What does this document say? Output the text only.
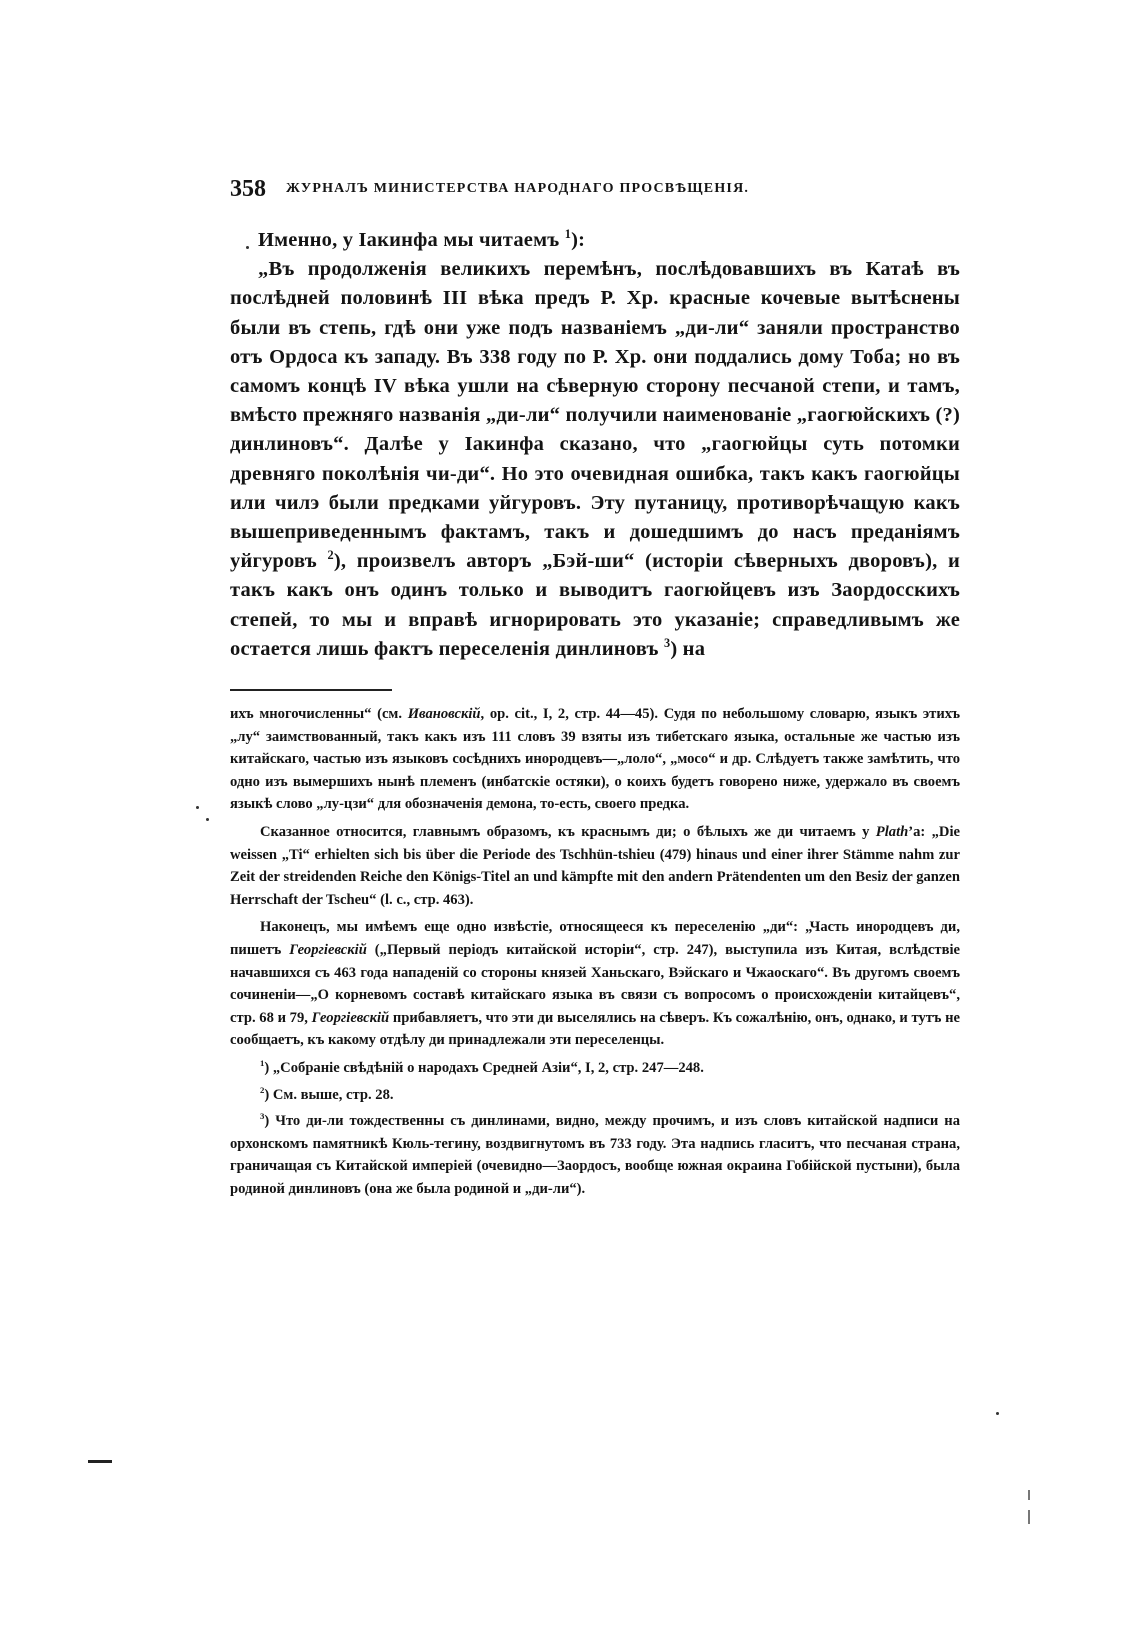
358 ЖУРНАЛЪ МИНИСТЕРСТВА НАРОДНАГО ПРОСВѢЩЕНІЯ.

Именно, у Іакинфа мы читаемъ $^1$):

„Въ продолженія великихъ перемѣнъ, послѣдовавшихъ въ Катаѣ въ послѣдней половинѣ III вѣка предъ Р. Хр. красные кочевые вытѣснены были въ степь, гдѣ они уже подъ названіемъ „ди-ли“ заняли пространство отъ Ордоса къ западу. Въ 338 году по Р. Хр. они поддались дому Тоба; но въ самомъ концѣ IV вѣка ушли на сѣверную сторону песчаной степи, и тамъ, вмѣсто прежняго названія „ди-ли“ получили наименованіе „гаогюйскихъ (?) динлиновъ“. Далѣе у Іакинфа сказано, что „гаогюйцы суть потомки древняго поколѣнія чи-ди“. Но это очевидная ошибка, такъ какъ гаогюйцы или чилэ были предками уйгуровъ. Эту путаницу, противорѣчащую какъ вышеприведеннымъ фактамъ, такъ и дошедшимъ до насъ преданіямъ уйгуровъ $^2$), произвелъ авторъ „Бэй-ши“ (исторіи сѣверныхъ дворовъ), и такъ какъ онъ одинъ только и выводитъ гаогюйцевъ изъ Заордосскихъ степей, то мы и вправѣ игнорировать это указаніе; справедливымъ же остается лишь фактъ переселенія динлиновъ $^3$) на

ихъ многочисленны“ (см. Ивановскій, op. cit., I, 2, стр. 44—45). Судя по небольшому словарю, языкъ этихъ „лу“ заимствованный, такъ какъ изъ 111 словъ 39 взяты изъ тибетскаго языка, остальные же частью изъ китайскаго, частью изъ языковъ сосѣднихъ инородцевъ—„лоло“, „мосо“ и др. Слѣдуетъ также замѣтить, что одно изъ вымершихъ нынѣ племенъ (инбатскіе остяки), о коихъ будетъ говорено ниже, удержало въ своемъ языкѣ слово „лу-цзи“ для обозначенія демона, то-есть, своего предка.

Сказанное относится, главнымъ образомъ, къ краснымъ ди; о бѣлыхъ же ди читаемъ у Plath’а: „Die weissen „Ti“ erhielten sich bis über die Periode des Tschhün-tshieu (479) hinaus und einer ihrer Stämme nahm zur Zeit der streidenden Reiche den Königs-Titel an und kämpfte mit den andern Prätendenten um den Besiz der ganzen Herrschaft der Tscheu“ (l. c., стр. 463).

Наконецъ, мы имѣемъ еще одно извѣстіе, относящееся къ переселенію „ди“: „Часть инородцевъ ди, пишетъ Георгіевскій („Первый періодъ китайской исторіи“, стр. 247), выступила изъ Китая, вслѣдствіе начавшихся съ 463 года нападеній со стороны князей Ханьскаго, Вэйскаго и Чжаоскаго“. Въ другомъ своемъ сочиненіи—„О корневомъ составѣ китайскаго языка въ связи съ вопросомъ о происхожденіи китайцевъ“, стр. 68 и 79, Георгіевскій прибавляетъ, что эти ди выселялись на сѣверъ. Къ сожалѣнію, онъ, однако, и тутъ не сообщаетъ, къ какому отдѣлу ди принадлежали эти переселенцы.

$^1$) „Собраніе свѣдѣній о народахъ Средней Азіи“, I, 2, стр. 247—248.

$^2$) См. выше, стр. 28.

$^3$) Что ди-ли тождественны съ динлинами, видно, между прочимъ, и изъ словъ китайской надписи на орхонскомъ памятникѣ Кюль-тегину, воздвигнутомъ въ 733 году. Эта надпись гласитъ, что песчаная страна, граничащая съ Китайской имперіей (очевидно—Заордосъ, вообще южная окраина Гобійской пустыни), была родиной динлиновъ (она же была родиной и „ди-ли“).
